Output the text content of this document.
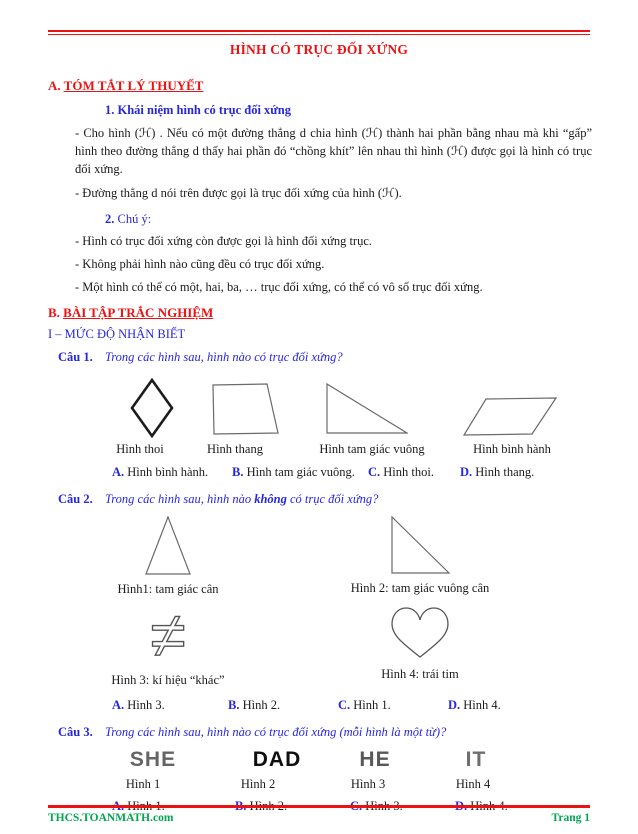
HÌNH CÓ TRỤC ĐỐI XỨNG
A. TÓM TẮT LÝ THUYẾT
1. Khái niệm hình có trục đối xứng
- Cho hình (ℋ) . Nếu có một đường thẳng d chia hình (ℋ) thành hai phần bằng nhau mà khi “gấp” hình theo đường thẳng d thấy hai phần đó “chồng khít” lên nhau thì hình (ℋ) được gọi là hình có trục đối xứng.
- Đường thẳng d nói trên được gọi là trục đối xứng của hình (ℋ).
2. Chú ý:
- Hình có trục đối xứng còn được gọi là hình đối xứng trục.
- Không phải hình nào cũng đều có trục đối xứng.
- Một hình có thể có một, hai, ba, … trục đối xứng, có thể có vô số trục đối xứng.
B. BÀI TẬP TRẮC NGHIỆM
I – MỨC ĐỘ NHẬN BIẾT
Câu 1. Trong các hình sau, hình nào có trục đối xứng?
Hình thoi	Hình thang	Hình tam giác vuông	Hình bình hành
A. Hình bình hành.	B. Hình tam giác vuông.	C. Hình thoi.	D. Hình thang.
Câu 2. Trong các hình sau, hình nào không có trục đối xứng?
Hình1: tam giác cân	Hình 2: tam giác vuông cân
≠
Hình 3: kí hiệu “khác”	Hình 4: trái tim
A. Hình 3.	B. Hình 2.	C. Hình 1.	D. Hình 4.
Câu 3. Trong các hình sau, hình nào có trục đối xứng (mỗi hình là một từ)?
SHE	DAD	HE	IT
Hình 1	Hình 2	Hình 3	Hình 4
A. Hình 1.	B. Hình 2.	C. Hình 3.	D. Hình 4.
THCS.TOANMATH.com	Trang 1
